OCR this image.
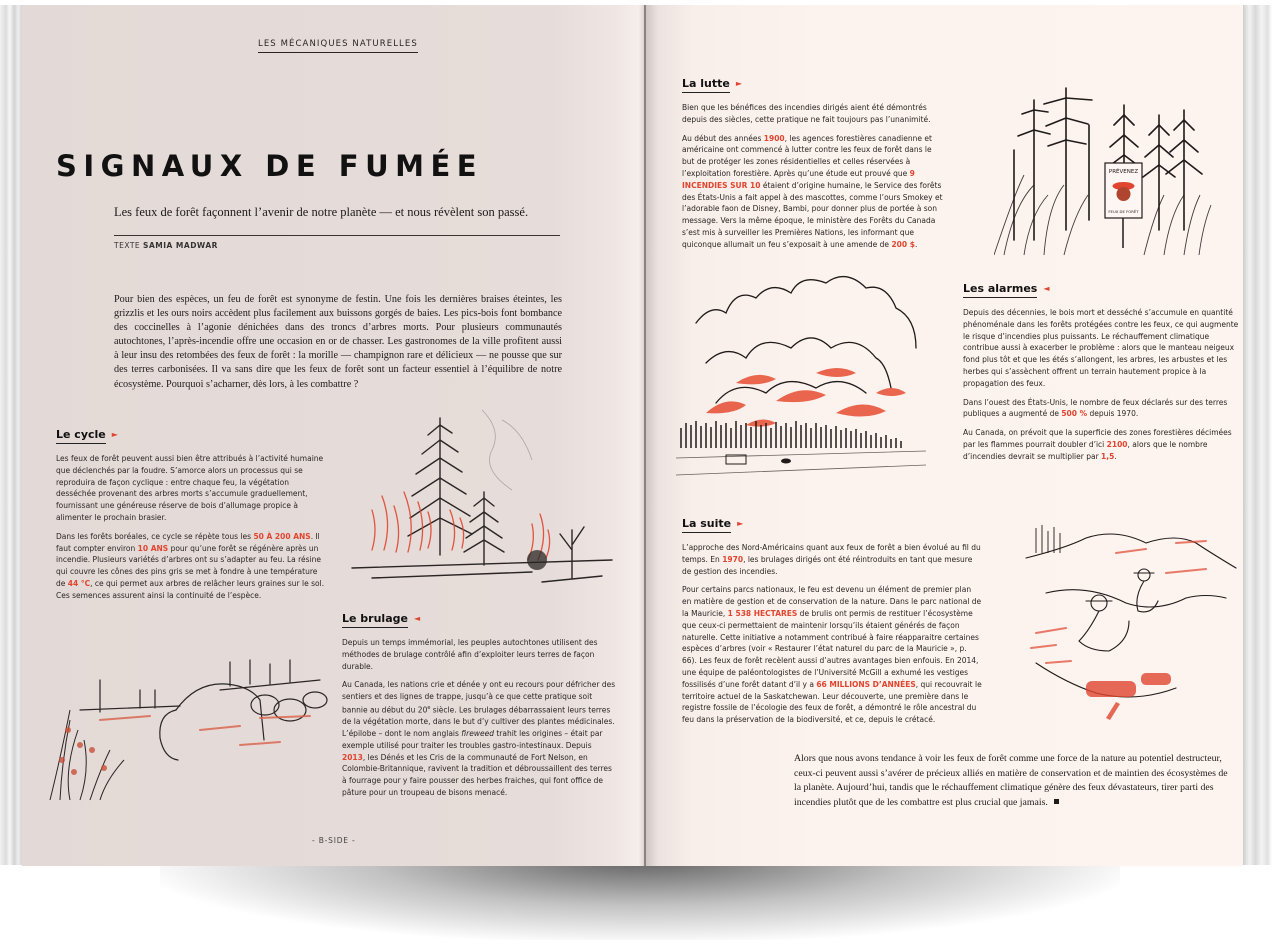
LES MÉCANIQUES NATURELLES
SIGNAUX DE FUMÉE
Les feux de forêt façonnent l’avenir de notre planète — et nous révèlent son passé.
TEXTE SAMIA MADWAR

Pour bien des espèces, un feu de forêt est synonyme de festin. Une fois les dernières braises éteintes, les grizzlis et les ours noirs accèdent plus facilement aux buissons gorgés de baies. Les pics-bois font bombance des coccinelles à l’agonie dénichées dans des troncs d’arbres morts. Pour plusieurs communautés autochtones, l’après-incendie offre une occasion en or de chasser. Les gastronomes de la ville profitent aussi à leur insu des retombées des feux de forêt : la morille — champignon rare et délicieux — ne pousse que sur des terres carbonisées. Il va sans dire que les feux de forêt sont un facteur essentiel à l’équilibre de notre écosystème. Pourquoi s’acharner, dès lors, à les combattre ?

Le cycle ►

Les feux de forêt peuvent aussi bien être attribués à l’activité humaine que déclenchés par la foudre. S’amorce alors un processus qui se reproduira de façon cyclique : entre chaque feu, la végétation desséchée provenant des arbres morts s’accumule graduellement, fournissant une généreuse réserve de bois d’allumage propice à alimenter le prochain brasier.

Dans les forêts boréales, ce cycle se répète tous les 50 À 200 ANS. Il faut compter environ 10 ANS pour qu’une forêt se régénère après un incendie. Plusieurs variétés d’arbres ont su s’adapter au feu. La résine qui couvre les cônes des pins gris se met à fondre à une température de 44 °C, ce qui permet aux arbres de relâcher leurs graines sur le sol. Ces semences assurent ainsi la continuité de l’espèce.

Le brulage ◄

Depuis un temps immémorial, les peuples autochtones utilisent des méthodes de brulage contrôlé afin d’exploiter leurs terres de façon durable.

Au Canada, les nations crie et dénée y ont eu recours pour défricher des sentiers et des lignes de trappe, jusqu’à ce que cette pratique soit bannie au début du 20e siècle. Les brulages débarrassaient leurs terres de la végétation morte, dans le but d’y cultiver des plantes médicinales. L’épilobe – dont le nom anglais fireweed trahit les origines – était par exemple utilisé pour traiter les troubles gastro-intestinaux. Depuis 2013, les Dénés et les Cris de la communauté de Fort Nelson, en Colombie-Britannique, ravivent la tradition et débroussaillent des terres à fourrage pour y faire pousser des herbes fraiches, qui font office de pâture pour un troupeau de bisons menacé.

- B-SIDE -
La lutte ►

Bien que les bénéfices des incendies dirigés aient été démontrés depuis des siècles, cette pratique ne fait toujours pas l’unanimité.

Au début des années 1900, les agences forestières canadienne et américaine ont commencé à lutter contre les feux de forêt dans le but de protéger les zones résidentielles et celles réservées à l’exploitation forestière. Après qu’une étude eut prouvé que 9 INCENDIES SUR 10 étaient d’origine humaine, le Service des forêts des États-Unis a fait appel à des mascottes, comme l’ours Smokey et l’adorable faon de Disney, Bambi, pour donner plus de portée à son message. Vers la même époque, le ministère des Forêts du Canada s’est mis à surveiller les Premières Nations, les informant que quiconque allumait un feu s’exposait à une amende de 200 $.

PRÉVENEZ
FEUX DE FORÊT
Les alarmes ◄

Depuis des décennies, le bois mort et desséché s’accumule en quantité phénoménale dans les forêts protégées contre les feux, ce qui augmente le risque d’incendies plus puissants. Le réchauffement climatique contribue aussi à exacerber le problème : alors que le manteau neigeux fond plus tôt et que les étés s’allongent, les arbres, les arbustes et les herbes qui s’assèchent offrent un terrain hautement propice à la propagation des feux.

Dans l’ouest des États-Unis, le nombre de feux déclarés sur des terres publiques a augmenté de 500 % depuis 1970.

Au Canada, on prévoit que la superficie des zones forestières décimées par les flammes pourrait doubler d’ici 2100, alors que le nombre d’incendies devrait se multiplier par 1,5.

La suite ►

L’approche des Nord-Américains quant aux feux de forêt a bien évolué au fil du temps. En 1970, les brulages dirigés ont été réintroduits en tant que mesure de gestion des incendies.

Pour certains parcs nationaux, le feu est devenu un élément de premier plan en matière de gestion et de conservation de la nature. Dans le parc national de la Mauricie, 1 538 HECTARES de brulis ont permis de restituer l’écosystème que ceux-ci permettaient de maintenir lorsqu’ils étaient générés de façon naturelle. Cette initiative a notamment contribué à faire réapparaitre certaines espèces d’arbres (voir « Restaurer l’état naturel du parc de la Mauricie », p. 66). Les feux de forêt recèlent aussi d’autres avantages bien enfouis. En 2014, une équipe de paléontologistes de l’Université McGill a exhumé les vestiges fossilisés d’une forêt datant d’il y a 66 MILLIONS D’ANNÉES, qui recouvrait le territoire actuel de la Saskatchewan. Leur découverte, une première dans le registre fossile de l’écologie des feux de forêt, a démontré le rôle ancestral du feu dans la préservation de la biodiversité, et ce, depuis le crétacé.

Alors que nous avons tendance à voir les feux de forêt comme une force de la nature au potentiel destructeur, ceux-ci peuvent aussi s’avérer de précieux alliés en matière de conservation et de maintien des écosystèmes de la planète. Aujourd’hui, tandis que le réchauffement climatique génère des feux dévastateurs, tirer parti des incendies plutôt que de les combattre est plus crucial que jamais.
